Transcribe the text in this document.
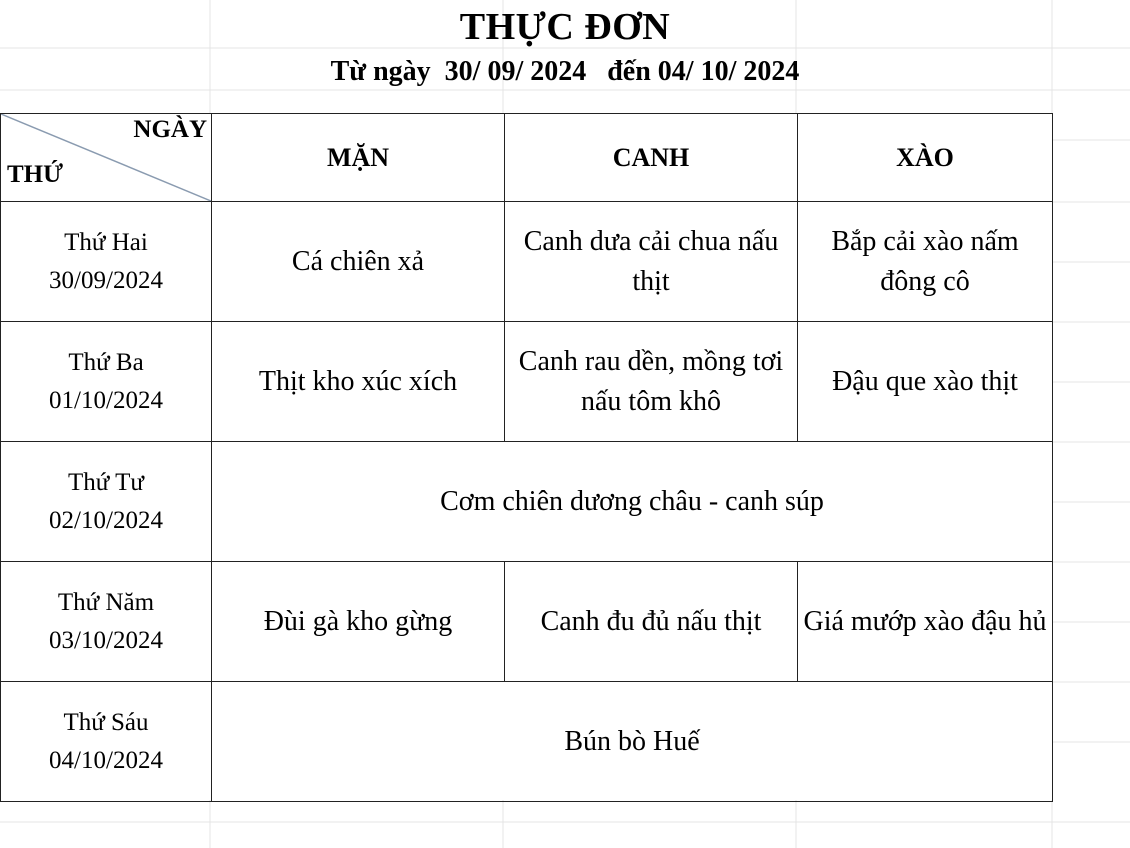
THỰC ĐƠN
Từ ngày  30/ 09/ 2024   đến 04/ 10/ 2024
NGÀY
THỨ	MẶN	CANH	XÀO

Thứ Hai
30/09/2024	Cá chiên xả	Canh dưa cải chua nấu thịt	Bắp cải xào nấm đông cô

Thứ Ba
01/10/2024	Thịt kho xúc xích	Canh rau dền, mồng tơi nấu tôm khô	Đậu que xào thịt

Thứ Tư
02/10/2024	Cơm chiên dương châu - canh súp		

Thứ Năm
03/10/2024	Đùi gà kho gừng	Canh đu đủ nấu thịt	Giá mướp xào đậu hủ

Thứ Sáu
04/10/2024	Bún bò Huế		
